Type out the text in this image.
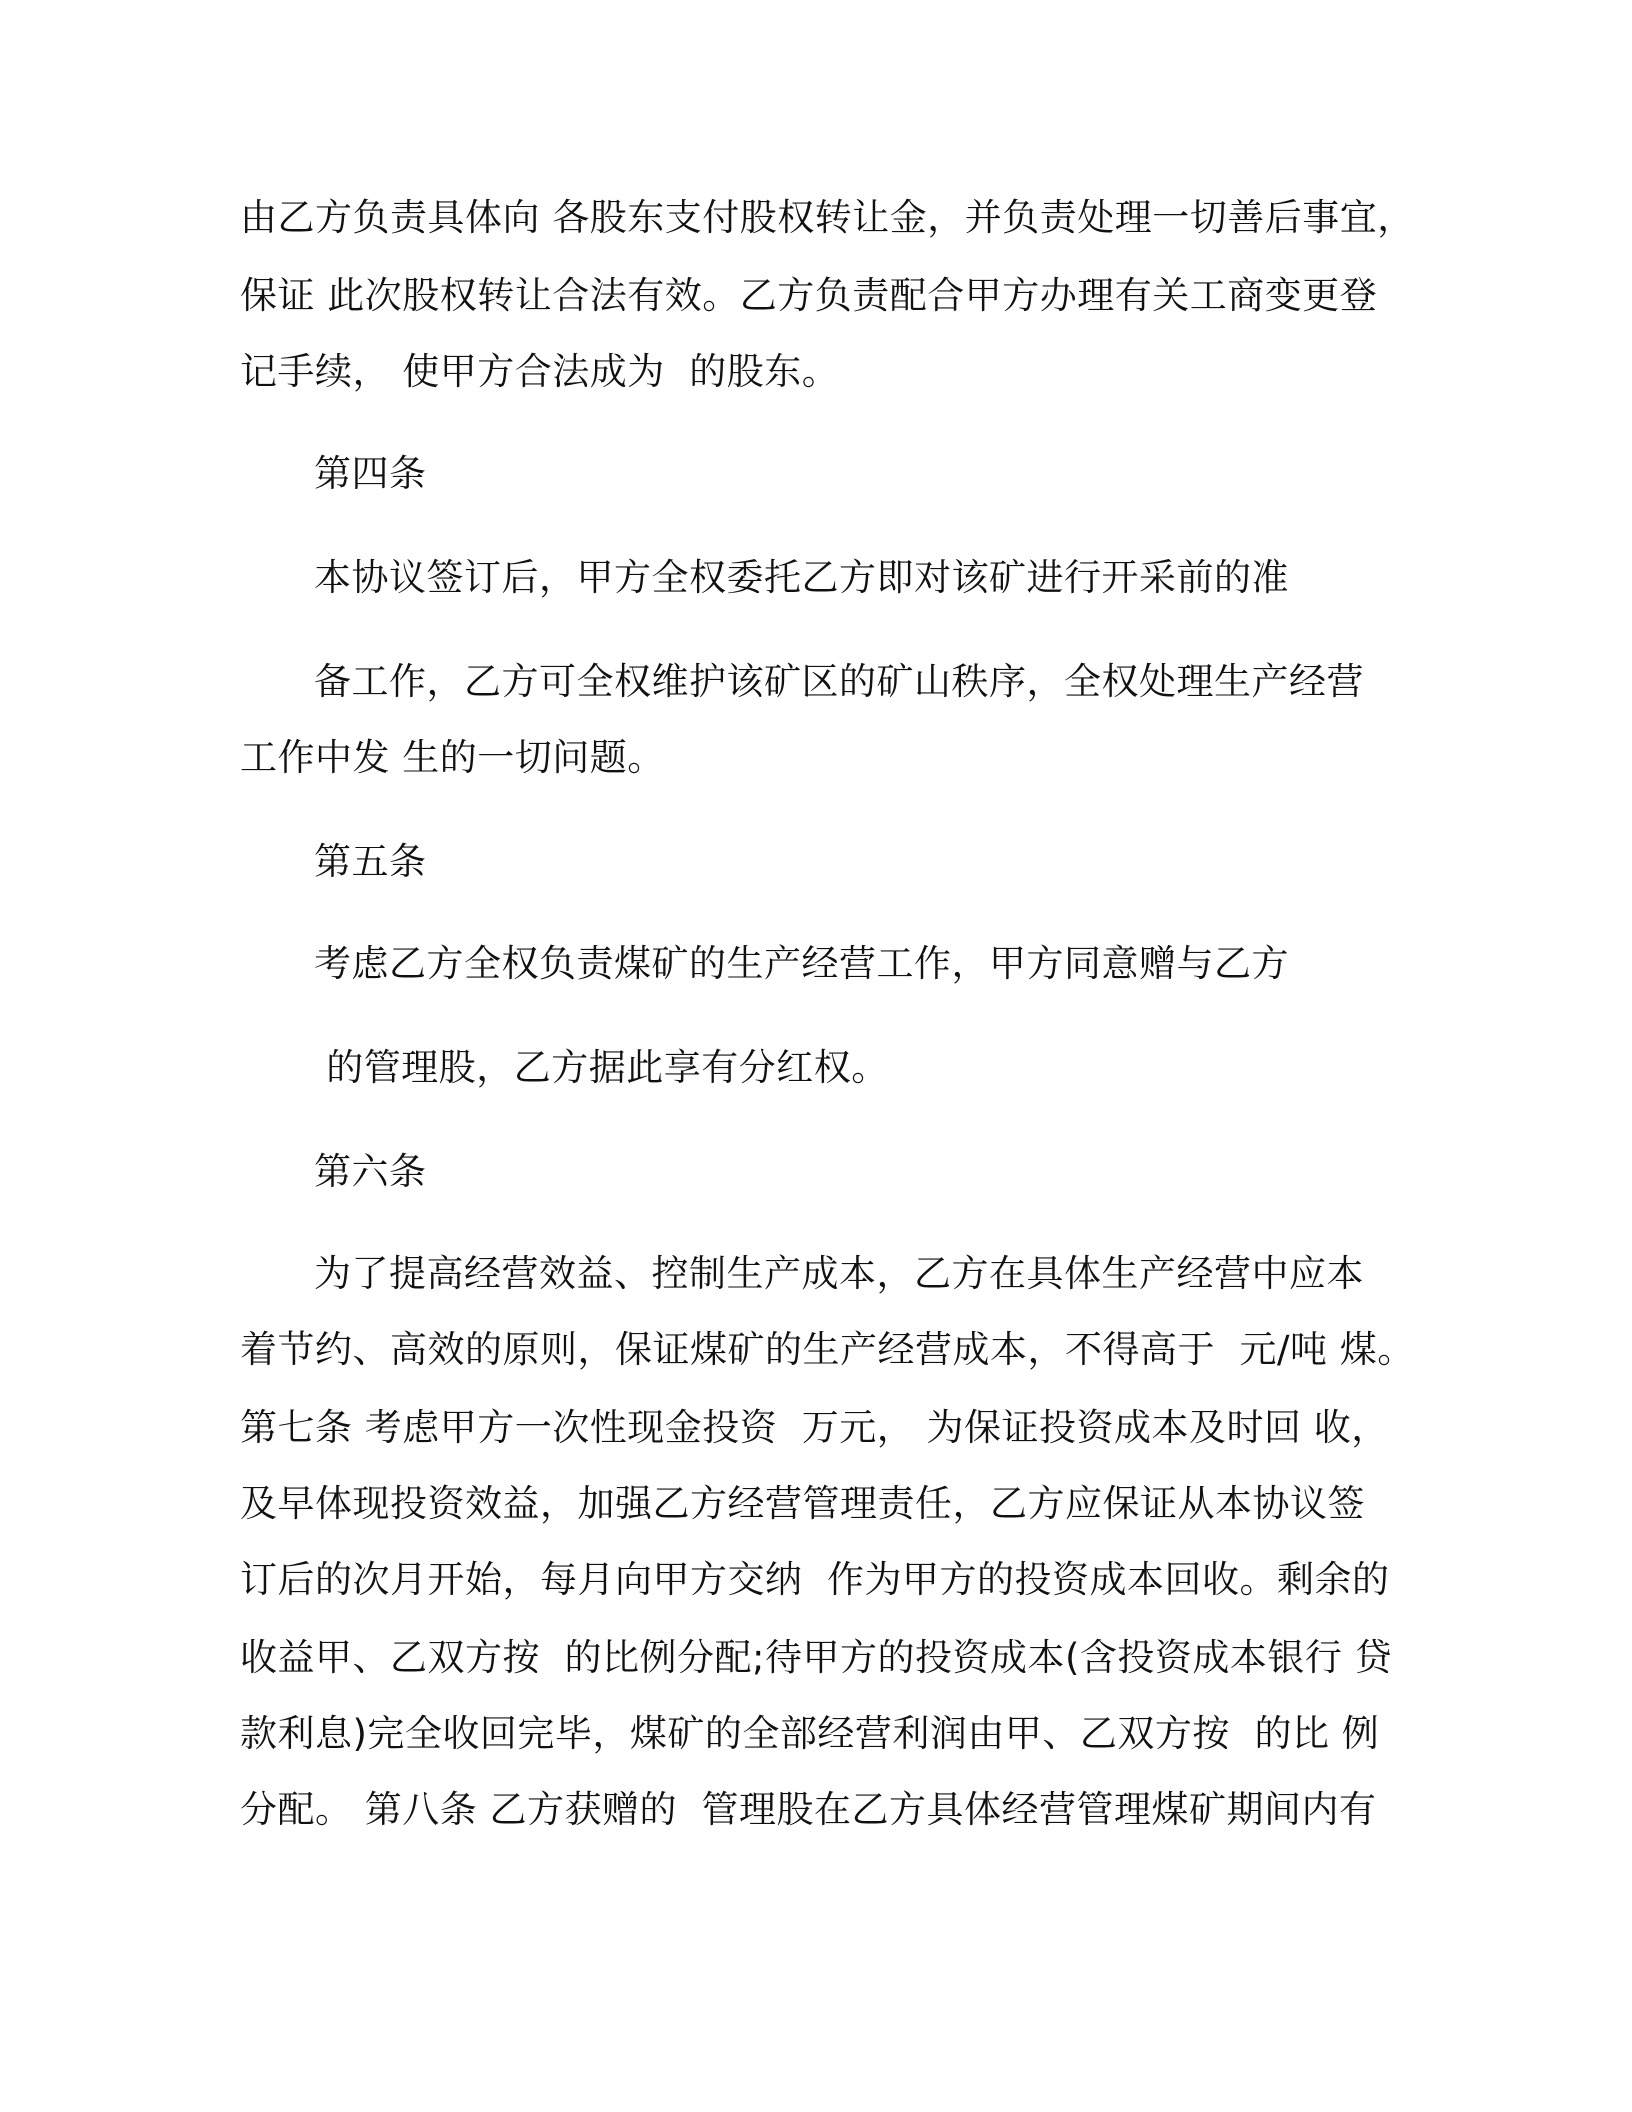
由乙方负责具体向 各股东支付股权转让金，并负责处理一切善后事宜，
保证 此次股权转让合法有效。乙方负责配合甲方办理有关工商变更登
记手续， 使甲方合法成为  的股东。
第四条
本协议签订后，甲方全权委托乙方即对该矿进行开采前的准
备工作，乙方可全权维护该矿区的矿山秩序，全权处理生产经营
工作中发 生的一切问题。
第五条
考虑乙方全权负责煤矿的生产经营工作，甲方同意赠与乙方
的管理股，乙方据此享有分红权。
第六条
为了提高经营效益、控制生产成本，乙方在具体生产经营中应本
着节约、高效的原则，保证煤矿的生产经营成本，不得高于  元/吨 煤。
第七条 考虑甲方一次性现金投资  万元， 为保证投资成本及时回 收，
及早体现投资效益，加强乙方经营管理责任，乙方应保证从本协议签
订后的次月开始，每月向甲方交纳  作为甲方的投资成本回收。剩余的
收益甲、乙双方按  的比例分配;待甲方的投资成本(含投资成本银行 贷
款利息)完全收回完毕，煤矿的全部经营利润由甲、乙双方按  的比 例
分配。 第八条 乙方获赠的  管理股在乙方具体经营管理煤矿期间内有
